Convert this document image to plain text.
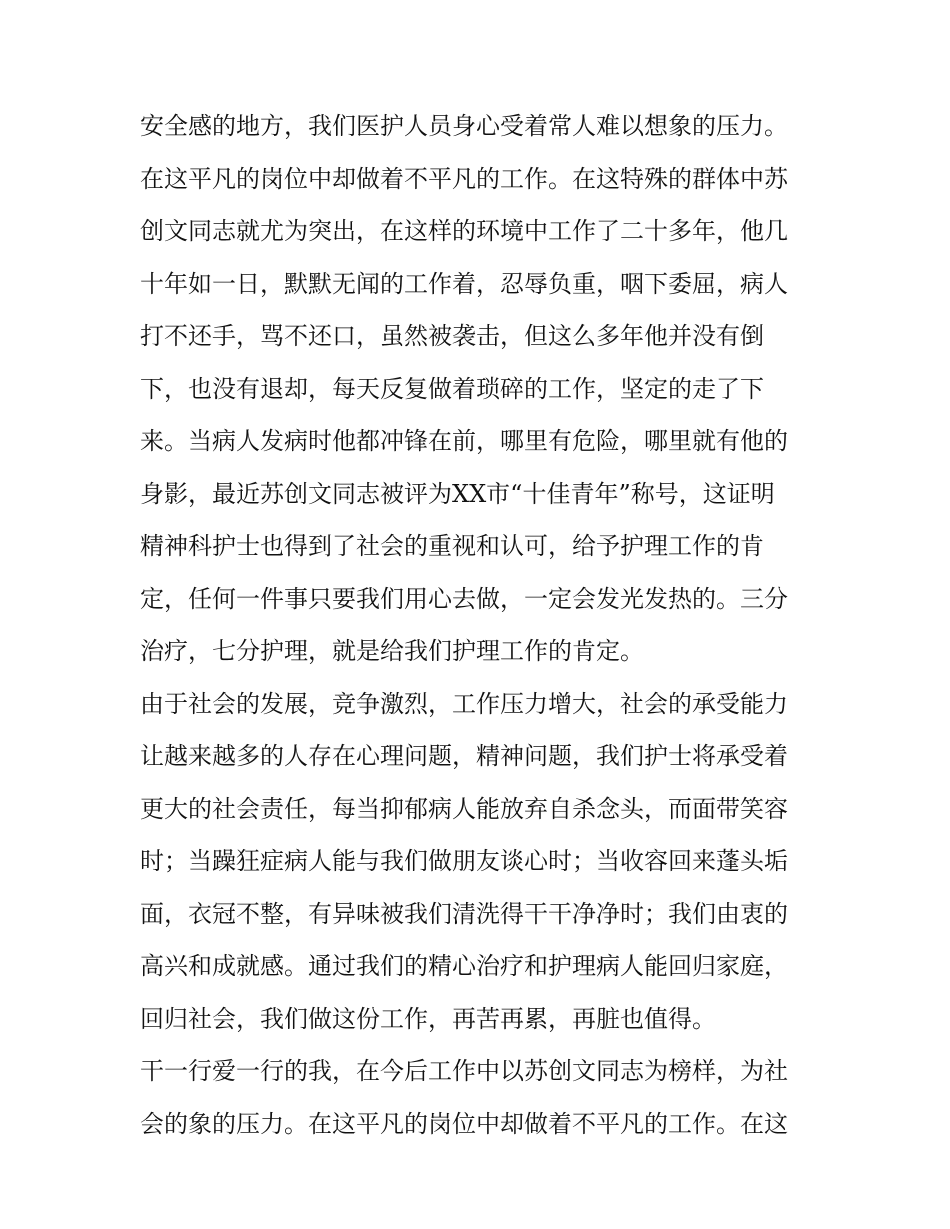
安全感的地方，我们医护人员身心受着常人难以想象的压力。
在这平凡的岗位中却做着不平凡的工作。在这特殊的群体中苏
创文同志就尤为突出，在这样的环境中工作了二十多年，他几
十年如一日，默默无闻的工作着，忍辱负重，咽下委屈，病人
打不还手，骂不还口，虽然被袭击，但这么多年他并没有倒
下，也没有退却，每天反复做着琐碎的工作，坚定的走了下
来。当病人发病时他都冲锋在前，哪里有危险，哪里就有他的
身影，最近苏创文同志被评为XX市“十佳青年”称号，这证明
精神科护士也得到了社会的重视和认可，给予护理工作的肯
定，任何一件事只要我们用心去做，一定会发光发热的。三分
治疗，七分护理，就是给我们护理工作的肯定。
由于社会的发展，竞争激烈，工作压力增大，社会的承受能力
让越来越多的人存在心理问题，精神问题，我们护士将承受着
更大的社会责任，每当抑郁病人能放弃自杀念头，而面带笑容
时；当躁狂症病人能与我们做朋友谈心时；当收容回来蓬头垢
面，衣冠不整，有异味被我们清洗得干干净净时；我们由衷的
高兴和成就感。通过我们的精心治疗和护理病人能回归家庭，
回归社会，我们做这份工作，再苦再累，再脏也值得。
干一行爱一行的我，在今后工作中以苏创文同志为榜样，为社
会的象的压力。在这平凡的岗位中却做着不平凡的工作。在这
